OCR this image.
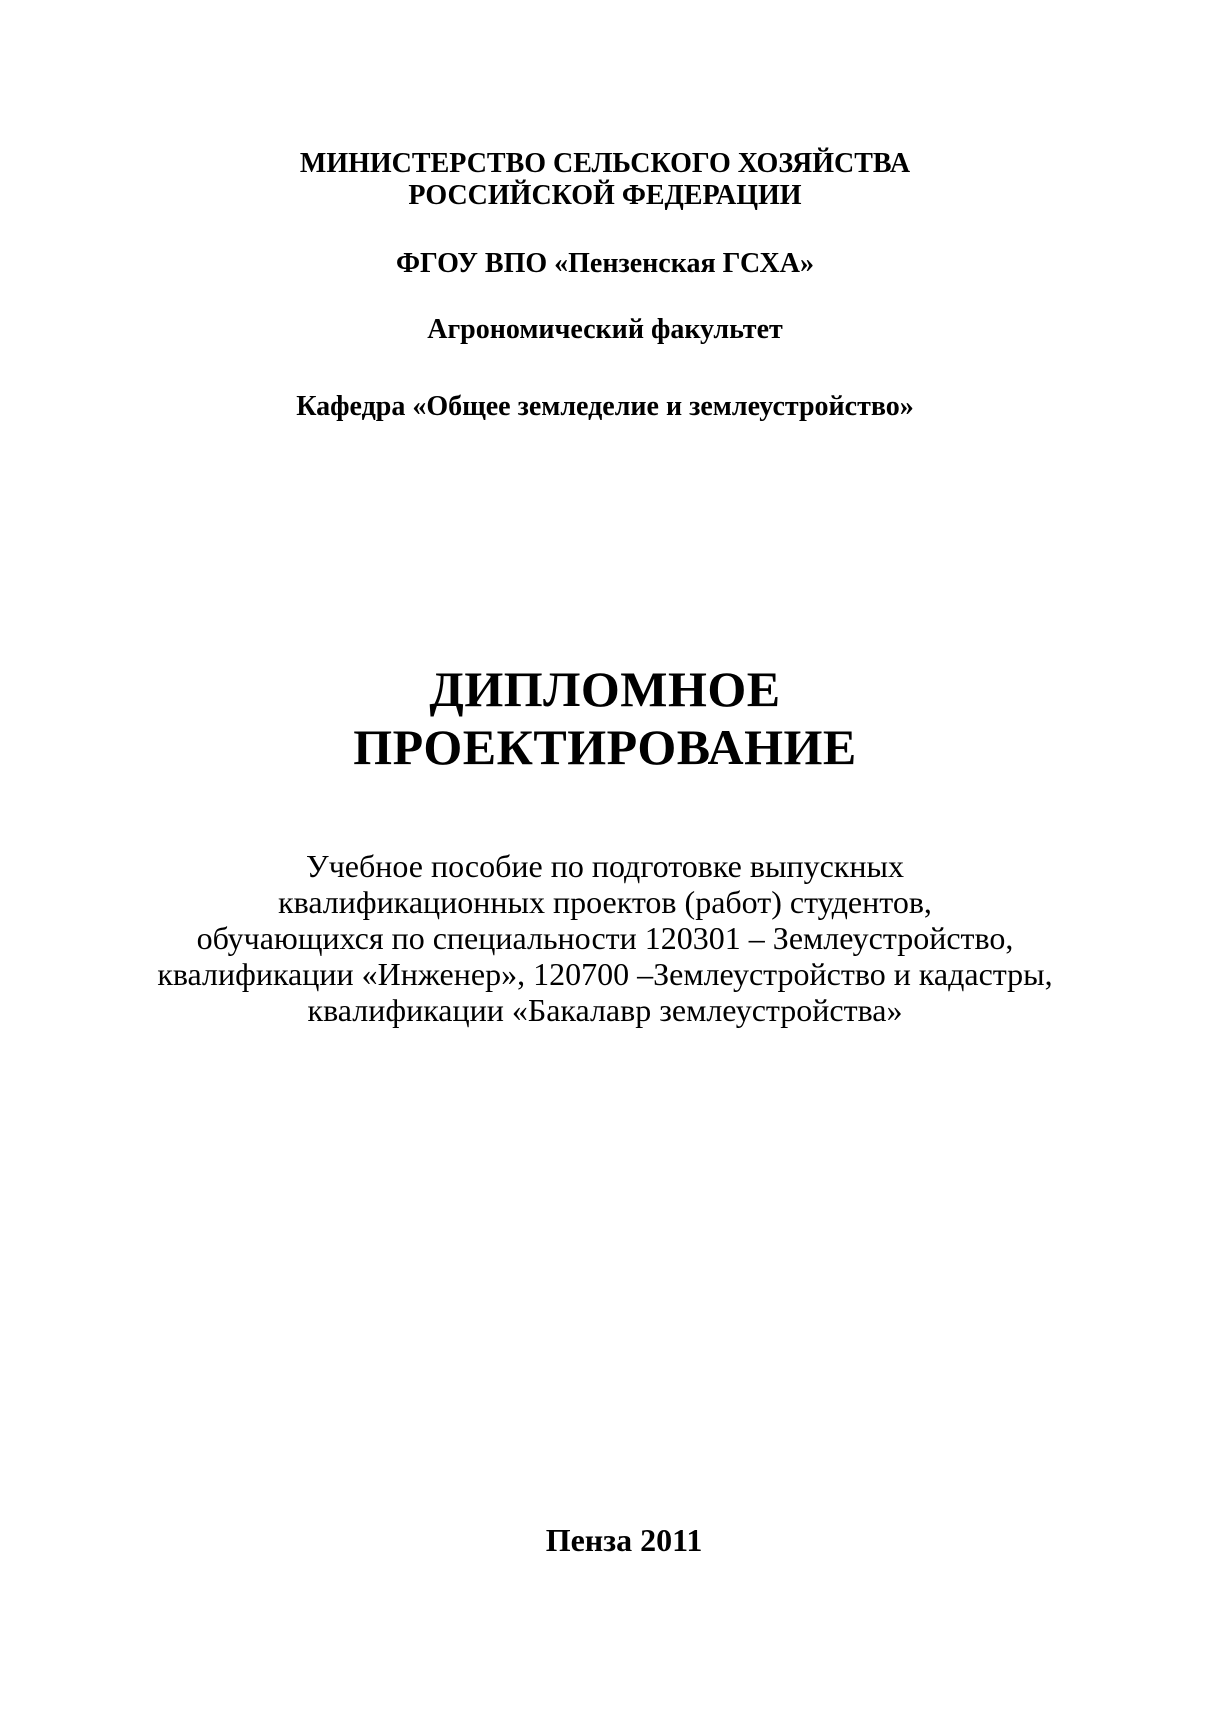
МИНИСТЕРСТВО СЕЛЬСКОГО ХОЗЯЙСТВА
РОССИЙСКОЙ ФЕДЕРАЦИИ
ФГОУ ВПО «Пензенская ГСХА»
Агрономический факультет
Кафедра «Общее земледелие и землеустройство»
ДИПЛОМНОЕ
ПРОЕКТИРОВАНИЕ
Учебное пособие по подготовке выпускных
квалификационных проектов (работ) студентов,
обучающихся по специальности 120301 – Землеустройство,
квалификации «Инженер», 120700 –Землеустройство и кадастры,
квалификации «Бакалавр землеустройства»
Пенза 2011
